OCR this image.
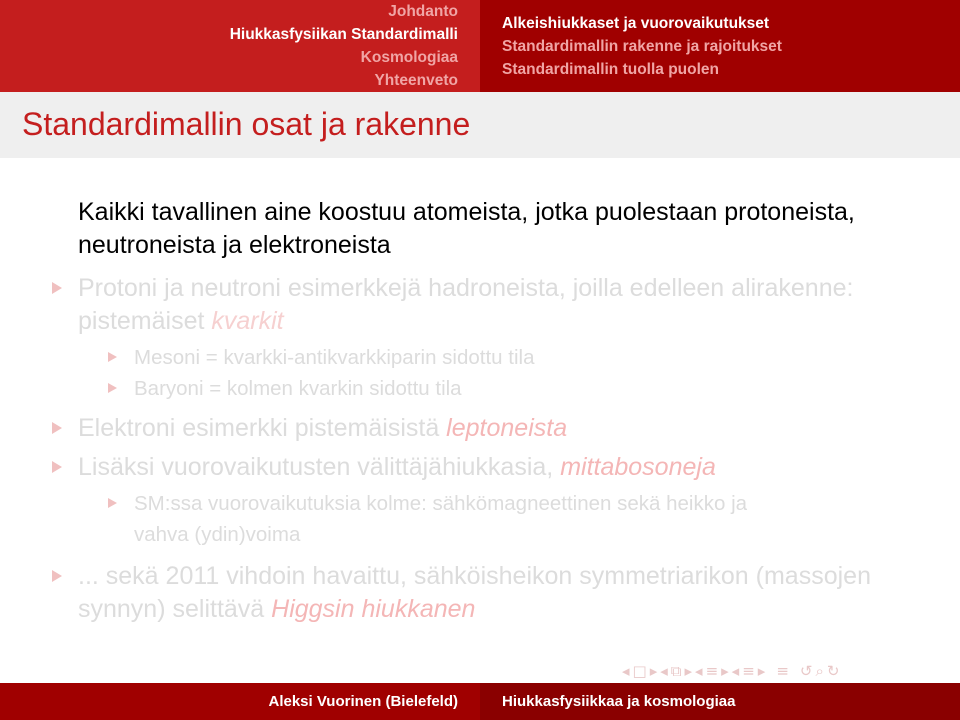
Johdanto
Hiukkasfysiikan Standardimalli
Kosmologiaa
Yhteenveto
Alkeishiukkaset ja vuorovaikutukset
Standardimallin rakenne ja rajoitukset
Standardimallin tuolla puolen
Standardimallin osat ja rakenne
Kaikki tavallinen aine koostuu atomeista, jotka puolestaan protoneista, neutroneista ja elektroneista
Protoni ja neutroni esimerkkejä hadroneista, joilla edelleen alirakenne: pistemäiset kvarkit
Mesoni = kvarkki-antikvarkkiparin sidottu tila
Baryoni = kolmen kvarkin sidottu tila
Elektroni esimerkki pistemäisistä leptoneista
Lisäksi vuorovaikutusten välittäjähiukkasia, mittabosoneja
SM:ssa vuorovaikutuksia kolme: sähkömagneettinen sekä heikko ja vahva (ydin)voima
... sekä 2011 vihdoin havaittu, sähköisheikon symmetriarikon (massojen synnyn) selittävä Higgsin hiukkanen
◂ □ ▸ ◂ ⧉ ▸ ◂ ≡ ▸ ◂ ≡ ▸ ≡ ↺ ⌕ ↻
Aleksi Vuorinen (Bielefeld)	Hiukkasfysiikkaa ja kosmologiaa
